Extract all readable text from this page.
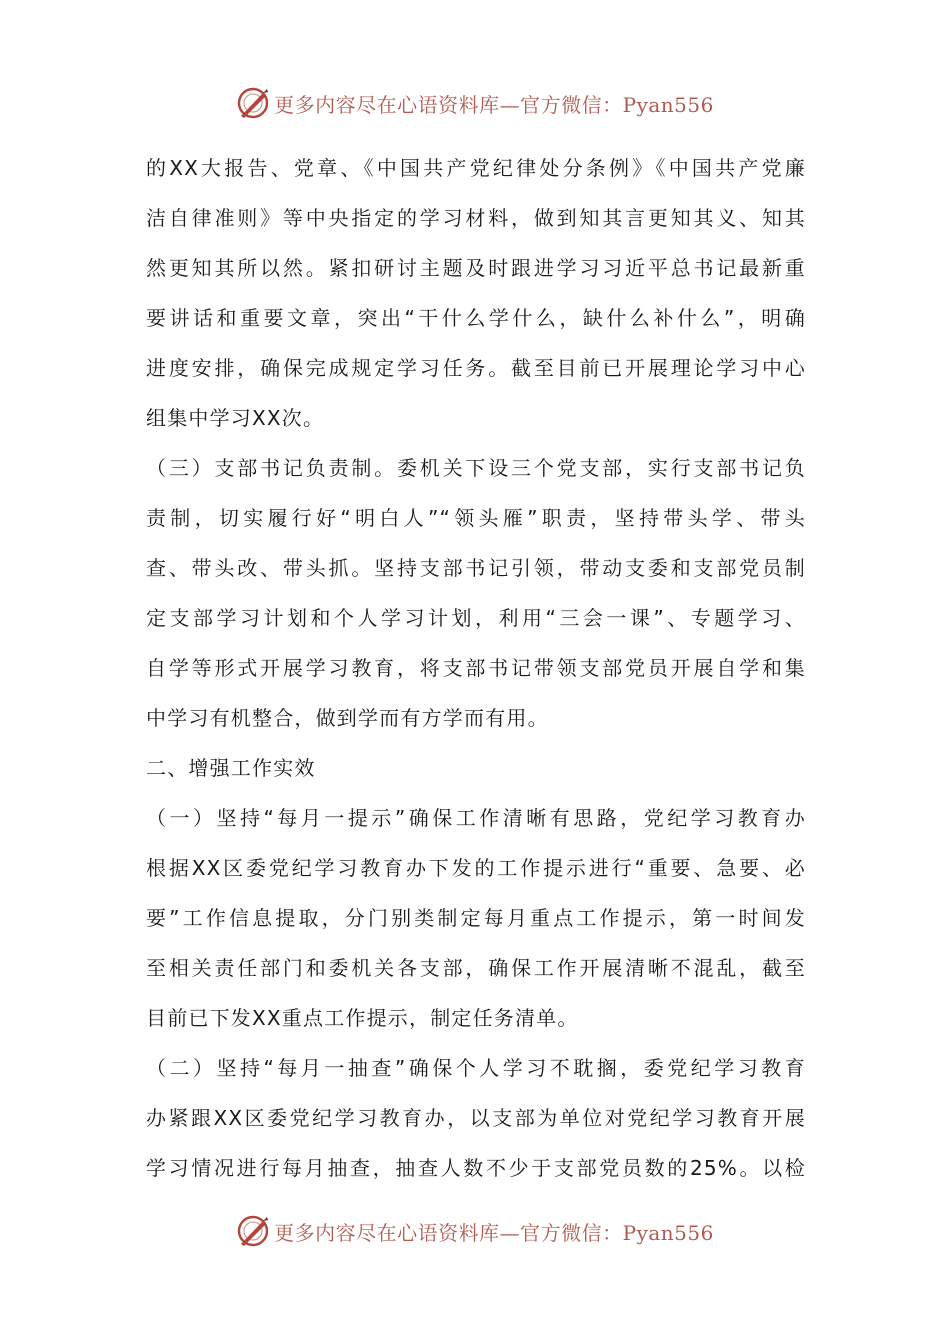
更多内容尽在心语资料库—官方微信：Pyan556
的XX大报告、党章、《中国共产党纪律处分条例》《中国共产党廉
洁自律准则》等中央指定的学习材料，做到知其言更知其义、知其
然更知其所以然。紧扣研讨主题及时跟进学习习近平总书记最新重
要讲话和重要文章，突出“干什么学什么，缺什么补什么”，明确
进度安排，确保完成规定学习任务。截至目前已开展理论学习中心
组集中学习XX次。
（三）支部书记负责制。委机关下设三个党支部，实行支部书记负
责制，切实履行好“明白人”“领头雁”职责，坚持带头学、带头
查、带头改、带头抓。坚持支部书记引领，带动支委和支部党员制
定支部学习计划和个人学习计划，利用“三会一课”、专题学习、
自学等形式开展学习教育，将支部书记带领支部党员开展自学和集
中学习有机整合，做到学而有方学而有用。
二、增强工作实效
（一）坚持“每月一提示”确保工作清晰有思路，党纪学习教育办
根据XX区委党纪学习教育办下发的工作提示进行“重要、急要、必
要”工作信息提取，分门别类制定每月重点工作提示，第一时间发
至相关责任部门和委机关各支部，确保工作开展清晰不混乱，截至
目前已下发XX重点工作提示，制定任务清单。
（二）坚持“每月一抽查”确保个人学习不耽搁，委党纪学习教育
办紧跟XX区委党纪学习教育办，以支部为单位对党纪学习教育开展
学习情况进行每月抽查，抽查人数不少于支部党员数的25%。以检
更多内容尽在心语资料库—官方微信：Pyan556
